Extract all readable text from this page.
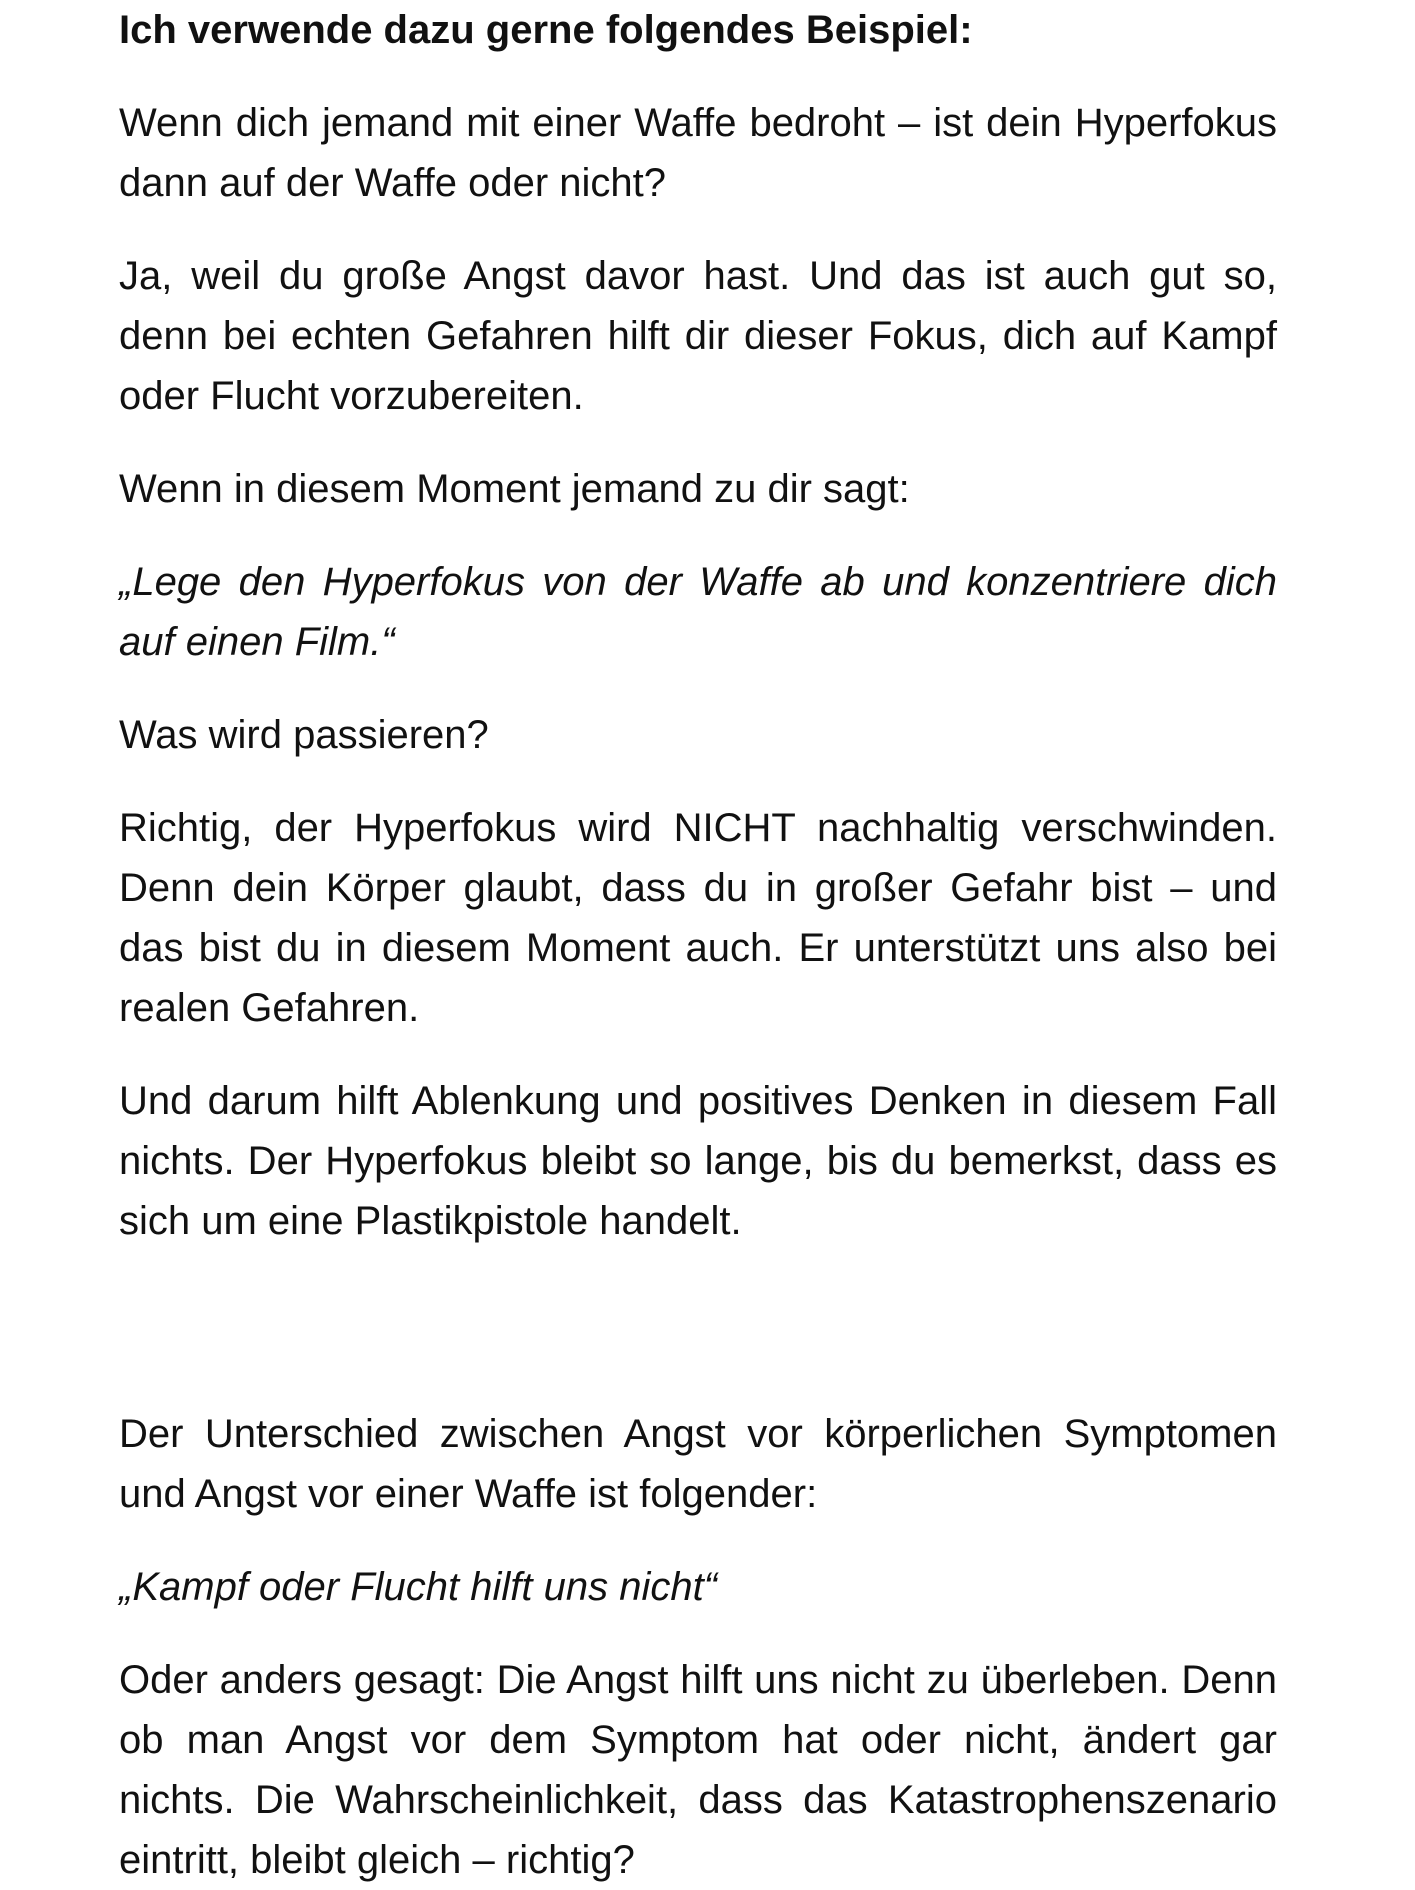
Ich verwende dazu gerne folgendes Beispiel:

Wenn dich jemand mit einer Waffe bedroht – ist dein Hyperfokus dann auf der Waffe oder nicht?

Ja, weil du große Angst davor hast. Und das ist auch gut so, denn bei echten Gefahren hilft dir dieser Fokus, dich auf Kampf oder Flucht vorzubereiten.

Wenn in diesem Moment jemand zu dir sagt:

„Lege den Hyperfokus von der Waffe ab und konzentriere dich auf einen Film.“

Was wird passieren?

Richtig, der Hyperfokus wird NICHT nachhaltig verschwinden. Denn dein Körper glaubt, dass du in großer Gefahr bist – und das bist du in diesem Moment auch. Er unterstützt uns also bei realen Gefahren.

Und darum hilft Ablenkung und positives Denken in diesem Fall nichts. Der Hyperfokus bleibt so lange, bis du bemerkst, dass es sich um eine Plastikpistole handelt.

Der Unterschied zwischen Angst vor körperlichen Symptomen und Angst vor einer Waffe ist folgender:

„Kampf oder Flucht hilft uns nicht“

Oder anders gesagt: Die Angst hilft uns nicht zu überleben. Denn ob man Angst vor dem Symptom hat oder nicht, ändert gar nichts. Die Wahrscheinlichkeit, dass das Katastrophenszenario eintritt, bleibt gleich – richtig?
